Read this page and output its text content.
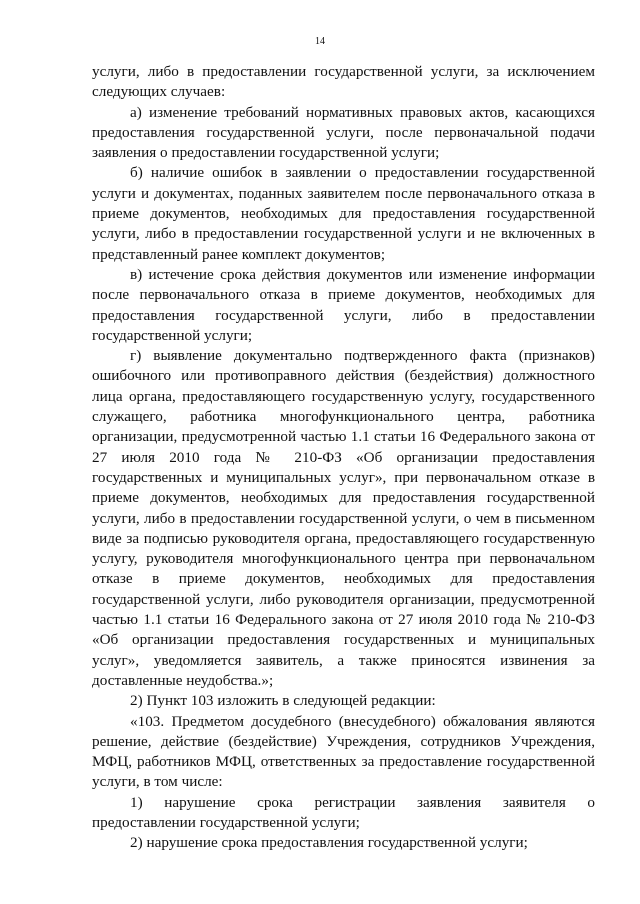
14

услуги, либо в предоставлении государственной услуги, за исключением следующих случаев:

а) изменение требований нормативных правовых актов, касающихся предоставления государственной услуги, после первоначальной подачи заявления о предоставлении государственной услуги;

б) наличие ошибок в заявлении о предоставлении государственной услуги и документах, поданных заявителем после первоначального отказа в приеме документов, необходимых для предоставления государственной услуги, либо в предоставлении государственной услуги и не включенных в представленный ранее комплект документов;

в) истечение срока действия документов или изменение информации после первоначального отказа в приеме документов, необходимых для предоставления государственной услуги, либо в предоставлении государственной услуги;

г) выявление документально подтвержденного факта (признаков) ошибочного или противоправного действия (бездействия) должностного лица органа, предоставляющего государственную услугу, государственного служащего, работника многофункционального центра, работника организации, предусмотренной частью 1.1 статьи 16 Федерального закона от 27 июля 2010 года № 210-ФЗ «Об организации предоставления государственных и муниципальных услуг», при первоначальном отказе в приеме документов, необходимых для предоставления государственной услуги, либо в предоставлении государственной услуги, о чем в письменном виде за подписью руководителя органа, предоставляющего государственную услугу, руководителя многофункционального центра при первоначальном отказе в приеме документов, необходимых для предоставления государственной услуги, либо руководителя организации, предусмотренной частью 1.1 статьи 16 Федерального закона от 27 июля 2010 года № 210-ФЗ «Об организации предоставления государственных и муниципальных услуг», уведомляется заявитель, а также приносятся извинения за доставленные неудобства.»;

2) Пункт 103 изложить в следующей редакции:

«103. Предметом досудебного (внесудебного) обжалования являются решение, действие (бездействие) Учреждения, сотрудников Учреждения, МФЦ, работников МФЦ, ответственных за предоставление государственной услуги, в том числе:

1) нарушение срока регистрации заявления заявителя о предоставлении государственной услуги;

2) нарушение срока предоставления государственной услуги;
